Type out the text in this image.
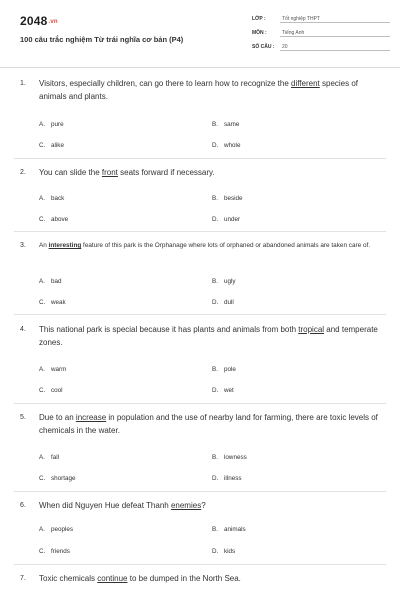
2048.vn
100 câu trắc nghiệm Từ trái nghĩa cơ bản (P4)
LỚP :	Tốt nghiệp THPT
MÔN :	Tiếng Anh
SỐ CÂU : 20
1. Visitors, especially children, can go there to learn how to recognize the different species of animals and plants.
A. pure	B. same
C. alike	D. whole
2. You can slide the front seats forward if necessary.
A. back	B. beside
C. above	D. under
3. An interesting feature of this park is the Orphanage where lots of orphaned or abandoned animals are taken care of.
A. bad	B. ugly
C. weak	D. dull
4. This national park is special because it has plants and animals from both tropical and temperate zones.
A. warm	B. pole
C. cool	D. wet
5. Due to an increase in population and the use of nearby land for farming, there are toxic levels of chemicals in the water.
A. fall	B. lowness
C. shortage	D. illness
6. When did Nguyen Hue defeat Thanh enemies?
A. peoples	B. animals
C. friends	D. kids
7. Toxic chemicals continue to be dumped in the North Sea.
